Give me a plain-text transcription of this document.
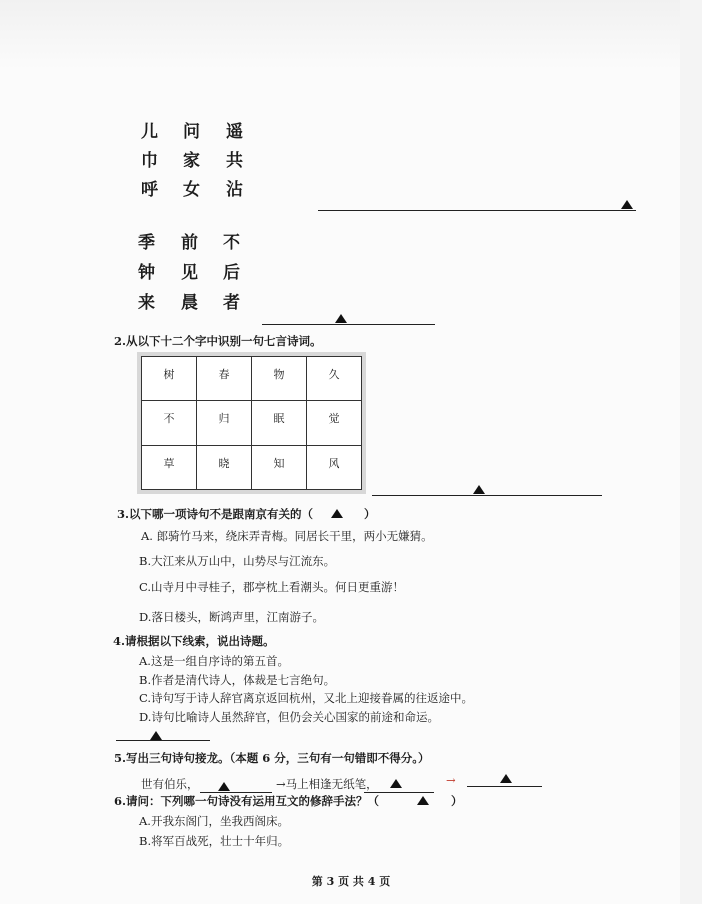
儿 问 遥
巾 家 共
呼 女 沾
季 前 不
钟 见 后
来 晨 者
2.从以下十二个字中识别一句七言诗词。
树	春	物	久
不	归	眠	觉
草	晓	知	风
3.以下哪一项诗句不是跟南京有关的（	）
A. 郎骑竹马来，绕床弄青梅。同居长干里，两小无嫌猜。
B.大江来从万山中，山势尽与江流东。
C.山寺月中寻桂子，郡亭枕上看潮头。何日更重游！
D.落日楼头，断鸿声里，江南游子。
4.请根据以下线索，说出诗题。
A.这是一组自序诗的第五首。
B.作者是清代诗人，体裁是七言绝句。
C.诗句写于诗人辞官离京返回杭州，又北上迎接眷属的往返途中。
D.诗句比喻诗人虽然辞官，但仍会关心国家的前途和命运。
5.写出三句诗句接龙。（本题 6 分，三句有一句错即不得分。）
世有伯乐，	→马上相逢无纸笔，	→
6.请问：下列哪一句诗没有运用互文的修辞手法？（	）
A.开我东阁门，坐我西阁床。
B.将军百战死，壮士十年归。
第 3 页 共 4 页
